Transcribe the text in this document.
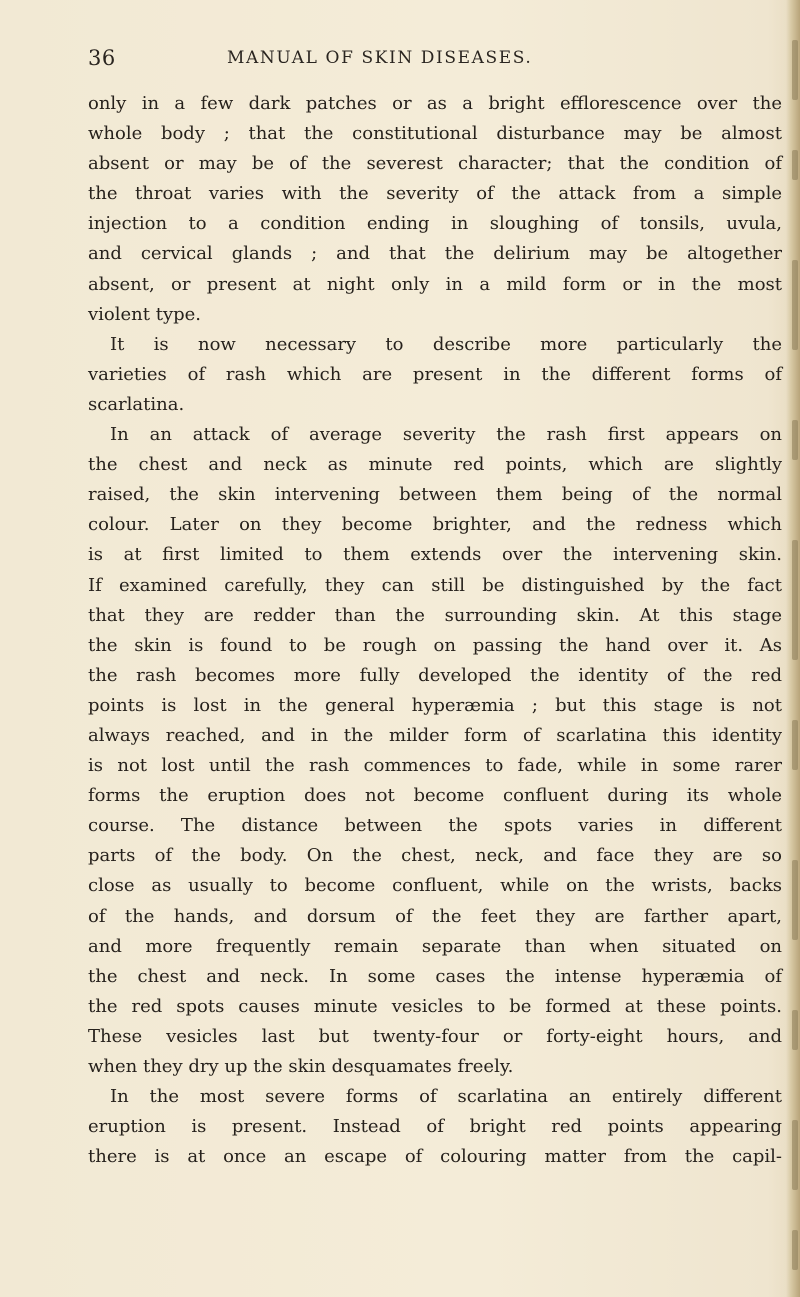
36	MANUAL OF SKIN DISEASES.
only in a few dark patches or as a bright efflorescence over the
whole body ; that the constitutional disturbance may be almost
absent or may be of the severest character; that the condition of
the throat varies with the severity of the attack from a simple
injection to a condition ending in sloughing of tonsils, uvula,
and cervical glands ; and that the delirium may be altogether
absent, or present at night only in a mild form or in the most
violent type.
It is now necessary to describe more particularly the
varieties of rash which are present in the different forms of
scarlatina.
In an attack of average severity the rash first appears on
the chest and neck as minute red points, which are slightly
raised, the skin intervening between them being of the normal
colour. Later on they become brighter, and the redness which
is at first limited to them extends over the intervening skin.
If examined carefully, they can still be distinguished by the fact
that they are redder than the surrounding skin. At this stage
the skin is found to be rough on passing the hand over it. As
the rash becomes more fully developed the identity of the red
points is lost in the general hyperæmia ; but this stage is not
always reached, and in the milder form of scarlatina this identity
is not lost until the rash commences to fade, while in some rarer
forms the eruption does not become confluent during its whole
course. The distance between the spots varies in different
parts of the body. On the chest, neck, and face they are so
close as usually to become confluent, while on the wrists, backs
of the hands, and dorsum of the feet they are farther apart,
and more frequently remain separate than when situated on
the chest and neck. In some cases the intense hyperæmia of
the red spots causes minute vesicles to be formed at these points.
These vesicles last but twenty-four or forty-eight hours, and
when they dry up the skin desquamates freely.
In the most severe forms of scarlatina an entirely different
eruption is present. Instead of bright red points appearing
there is at once an escape of colouring matter from the capil-
